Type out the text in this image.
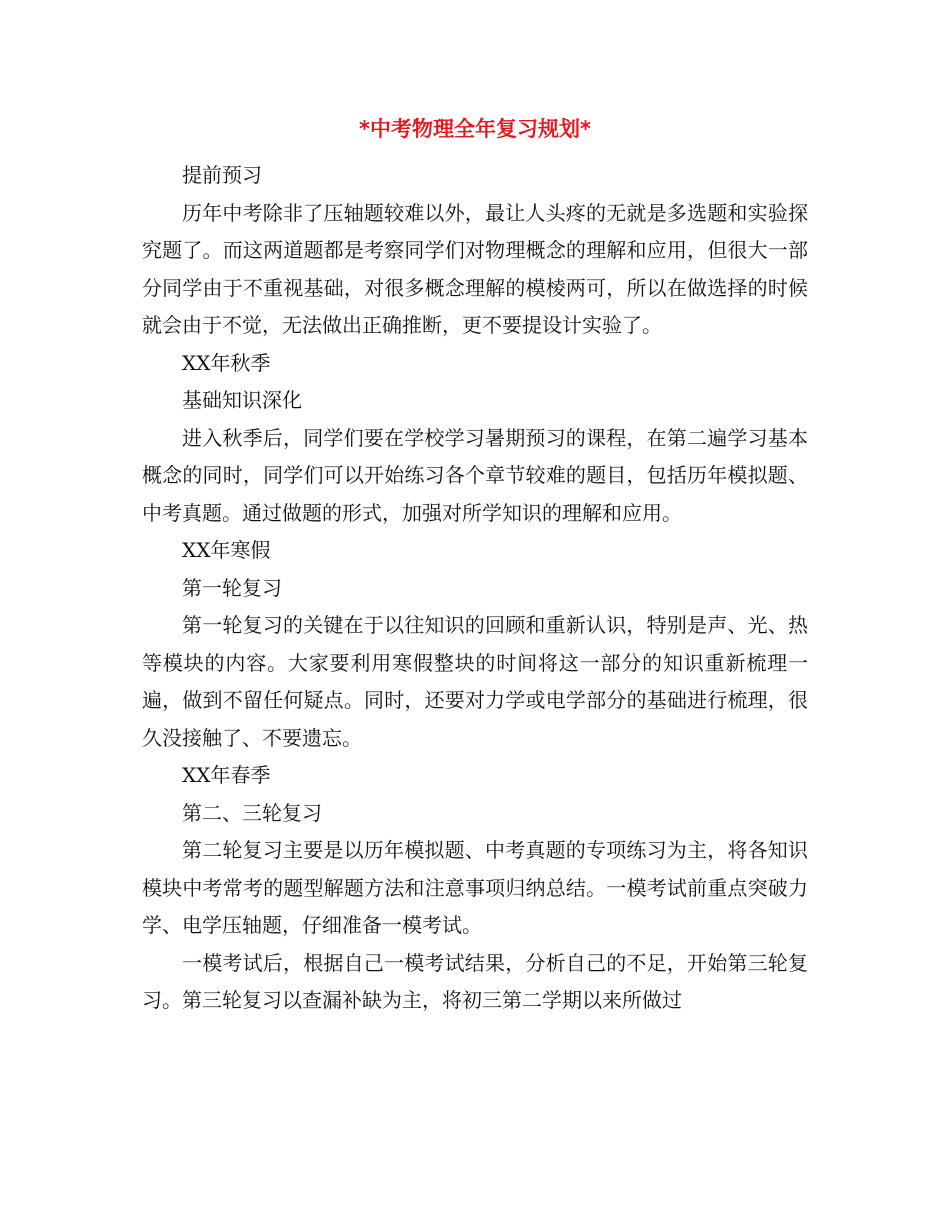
*中考物理全年复习规划*

提前预习

历年中考除非了压轴题较难以外，最让人头疼的无就是多选题和实验探究题了。而这两道题都是考察同学们对物理概念的理解和应用，但很大一部分同学由于不重视基础，对很多概念理解的模棱两可，所以在做选择的时候就会由于不觉，无法做出正确推断，更不要提设计实验了。

XX年秋季

基础知识深化

进入秋季后，同学们要在学校学习暑期预习的课程，在第二遍学习基本概念的同时，同学们可以开始练习各个章节较难的题目，包括历年模拟题、中考真题。通过做题的形式，加强对所学知识的理解和应用。

XX年寒假

第一轮复习

第一轮复习的关键在于以往知识的回顾和重新认识，特别是声、光、热等模块的内容。大家要利用寒假整块的时间将这一部分的知识重新梳理一遍，做到不留任何疑点。同时，还要对力学或电学部分的基础进行梳理，很久没接触了、不要遗忘。

XX年春季

第二、三轮复习

第二轮复习主要是以历年模拟题、中考真题的专项练习为主，将各知识模块中考常考的题型解题方法和注意事项归纳总结。一模考试前重点突破力学、电学压轴题，仔细准备一模考试。

一模考试后，根据自己一模考试结果，分析自己的不足，开始第三轮复习。第三轮复习以查漏补缺为主，将初三第二学期以来所做过
